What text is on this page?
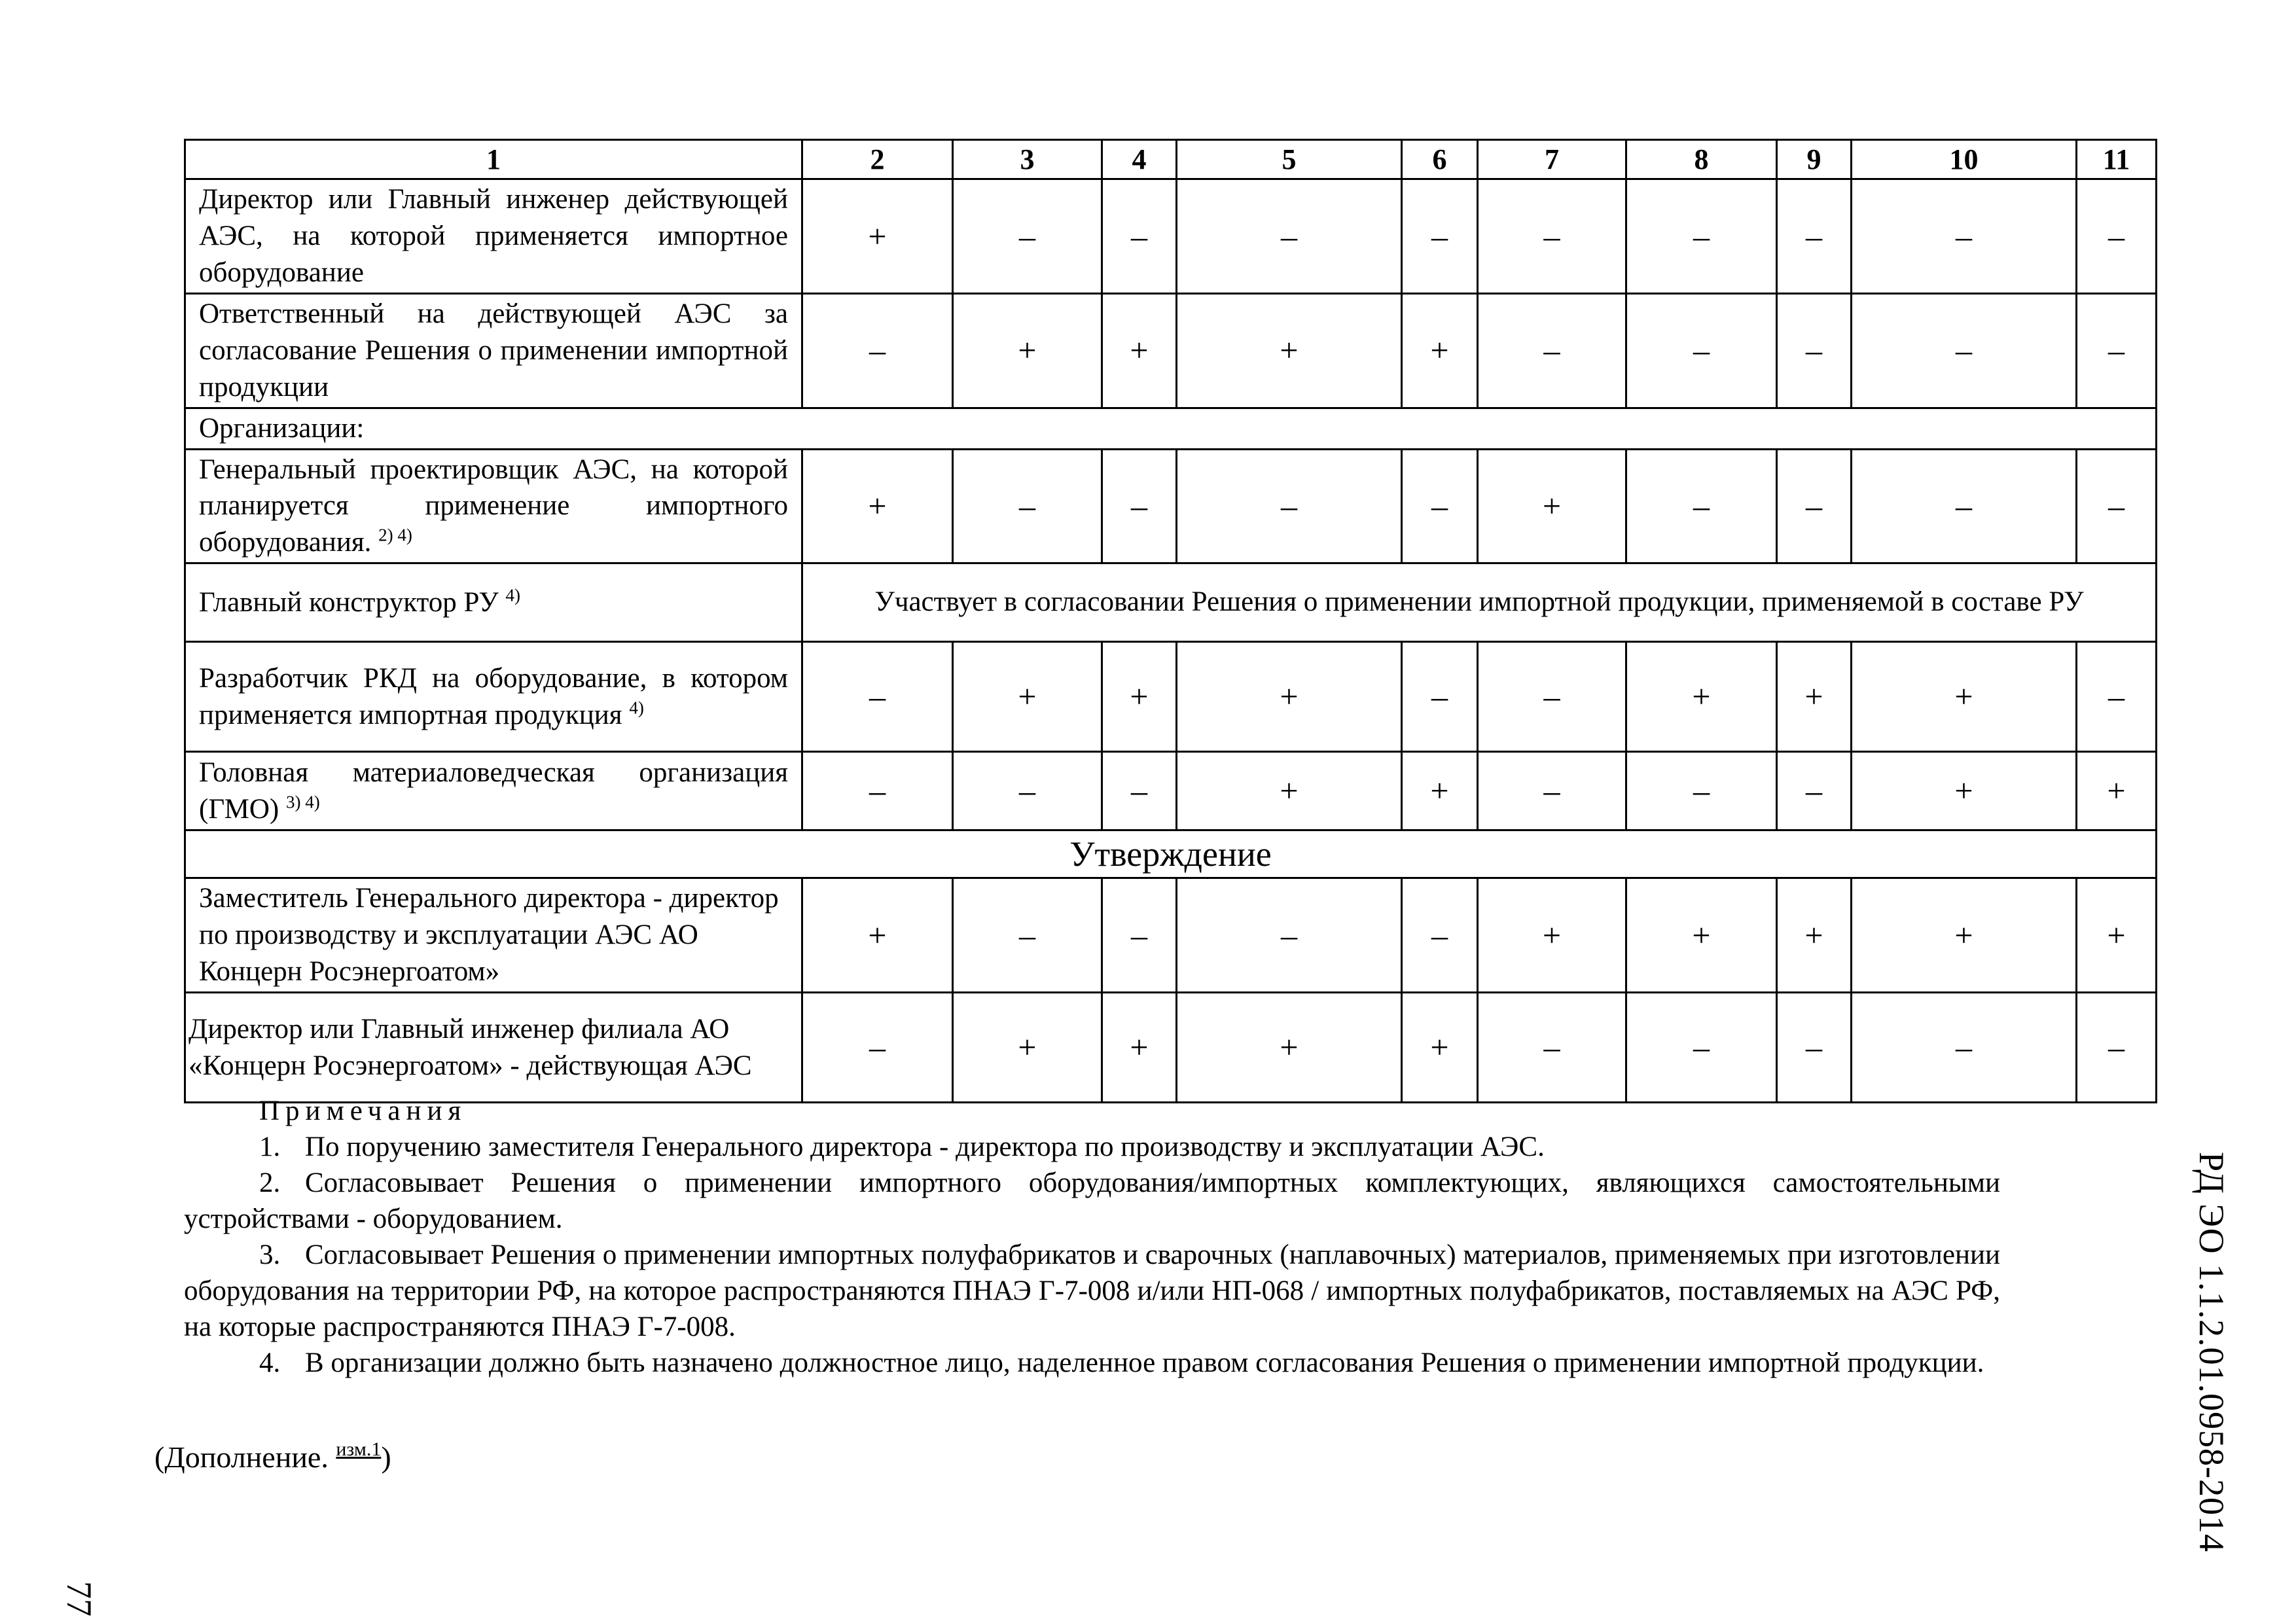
1	2	3	4	5	6	7	8	9	10	11
Директор или Главный инженер действующей АЭС, на которой применяется импортное оборудование	+	–	–	–	–	–	–	–	–	–
Ответственный на действующей АЭС за согласование Решения о применении импортной продукции	–	+	+	+	+	–	–	–	–	–
Организации:										
Генеральный проектировщик АЭС, на которой планируется применение импортного оборудования. $^{2) 4)}$	+	–	–	–	–	+	–	–	–	–
Главный конструктор РУ $^{4)}$	Участвует в согласовании Решения о применении импортной продукции, применяемой в составе РУ									
Разработчик РКД на оборудование, в котором применяется импортная продукция $^{4)}$	–	+	+	+	–	–	+	+	+	–
Головная материаловедческая организация (ГМО) $^{3) 4)}$	–	–	–	+	+	–	–	–	+	+
Утверждение										
Заместитель Генерального директора - директор по производству и эксплуатации АЭС АО Концерн Росэнергоатом»	+	–	–	–	–	+	+	+	+	+
Директор или Главный инженер филиала АО «Концерн Росэнергоатом» - действующая АЭС	–	+	+	+	+	–	–	–	–	–
Примечания

1. По поручению заместителя Генерального директора - директора по производству и эксплуатации АЭС.

2. Согласовывает Решения о применении импортного оборудования/импортных комплектующих, являющихся самостоятельными устройствами - оборудованием.

3. Согласовывает Решения о применении импортных полуфабрикатов и сварочных (наплавочных) материалов, применяемых при изготовлении оборудования на территории РФ, на которое распространяются ПНАЭ Г-7-008 и/или НП-068 / импортных полуфабрикатов, поставляемых на АЭС РФ, на которые распространяются ПНАЭ Г-7-008.

4. В организации должно быть назначено должностное лицо, наделенное правом согласования Решения о применении импортной продукции.

(Дополнение. $^{изм.1}$)	РД ЭО 1.1.2.01.0958-2014
77
